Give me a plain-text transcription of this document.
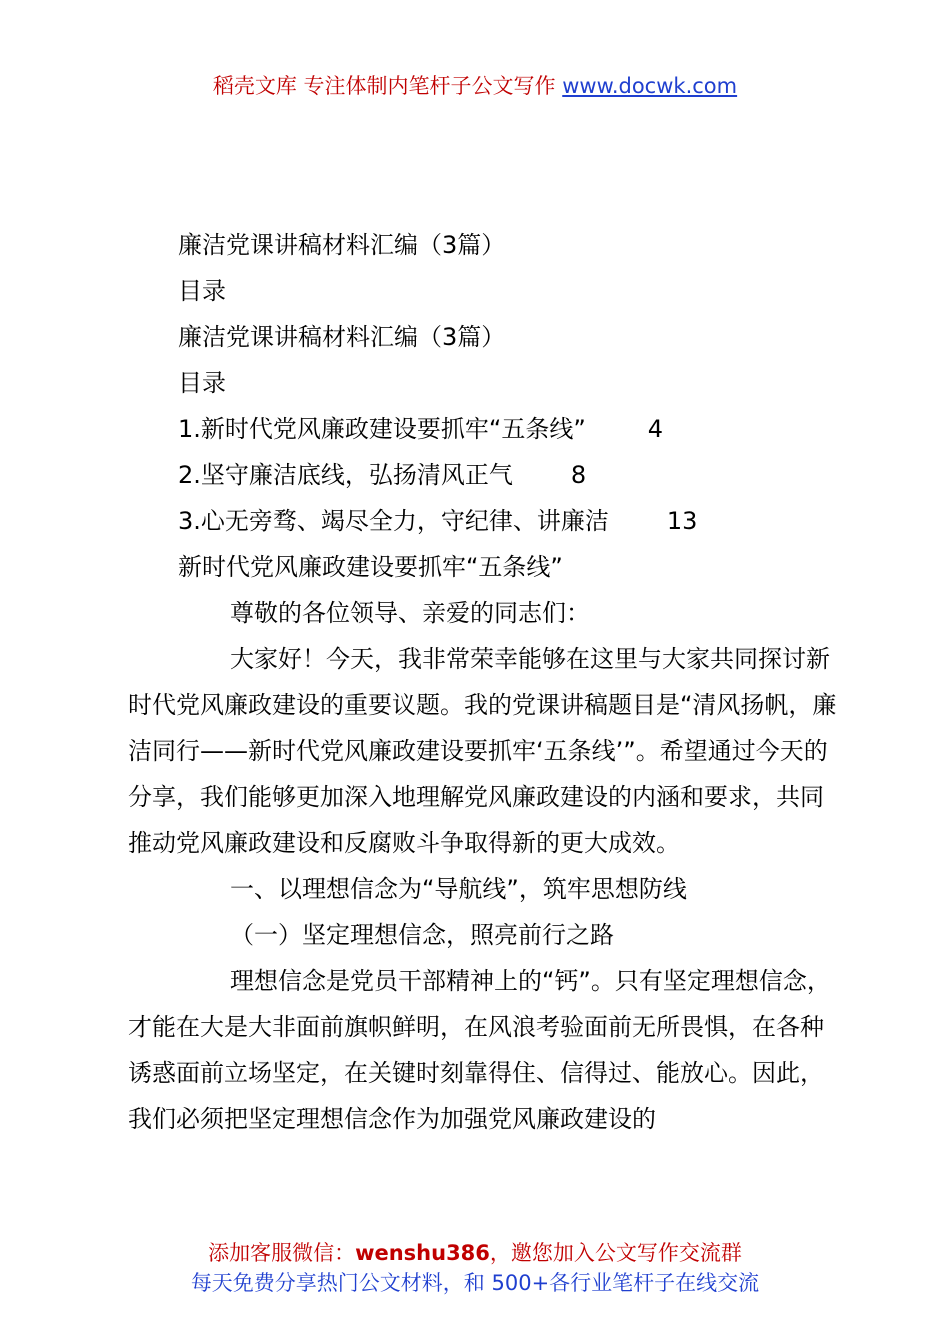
稻壳文库 专注体制内笔杆子公文写作 www.docwk.com

廉洁党课讲稿材料汇编（3篇）

目录

廉洁党课讲稿材料汇编（3篇）

目录

1.新时代党风廉政建设要抓牢“五条线”	4

2.坚守廉洁底线，弘扬清风正气 8

3.心无旁骛、竭尽全力，守纪律、讲廉洁 13

新时代党风廉政建设要抓牢“五条线”

尊敬的各位领导、亲爱的同志们：

大家好！今天，我非常荣幸能够在这里与大家共同探讨新时代党风廉政建设的重要议题。我的党课讲稿题目是“清风扬帆，廉洁同行——新时代党风廉政建设要抓牢‘五条线’”。希望通过今天的分享，我们能够更加深入地理解党风廉政建设的内涵和要求，共同推动党风廉政建设和反腐败斗争取得新的更大成效。

一、以理想信念为“导航线”，筑牢思想防线

（一）坚定理想信念，照亮前行之路

理想信念是党员干部精神上的“钙”。只有坚定理想信念，才能在大是大非面前旗帜鲜明，在风浪考验面前无所畏惧，在各种诱惑面前立场坚定，在关键时刻靠得住、信得过、能放心。因此，我们必须把坚定理想信念作为加强党风廉政建设的

添加客服微信：wenshu386，邀您加入公文写作交流群
每天免费分享热门公文材料，和 500+各行业笔杆子在线交流
